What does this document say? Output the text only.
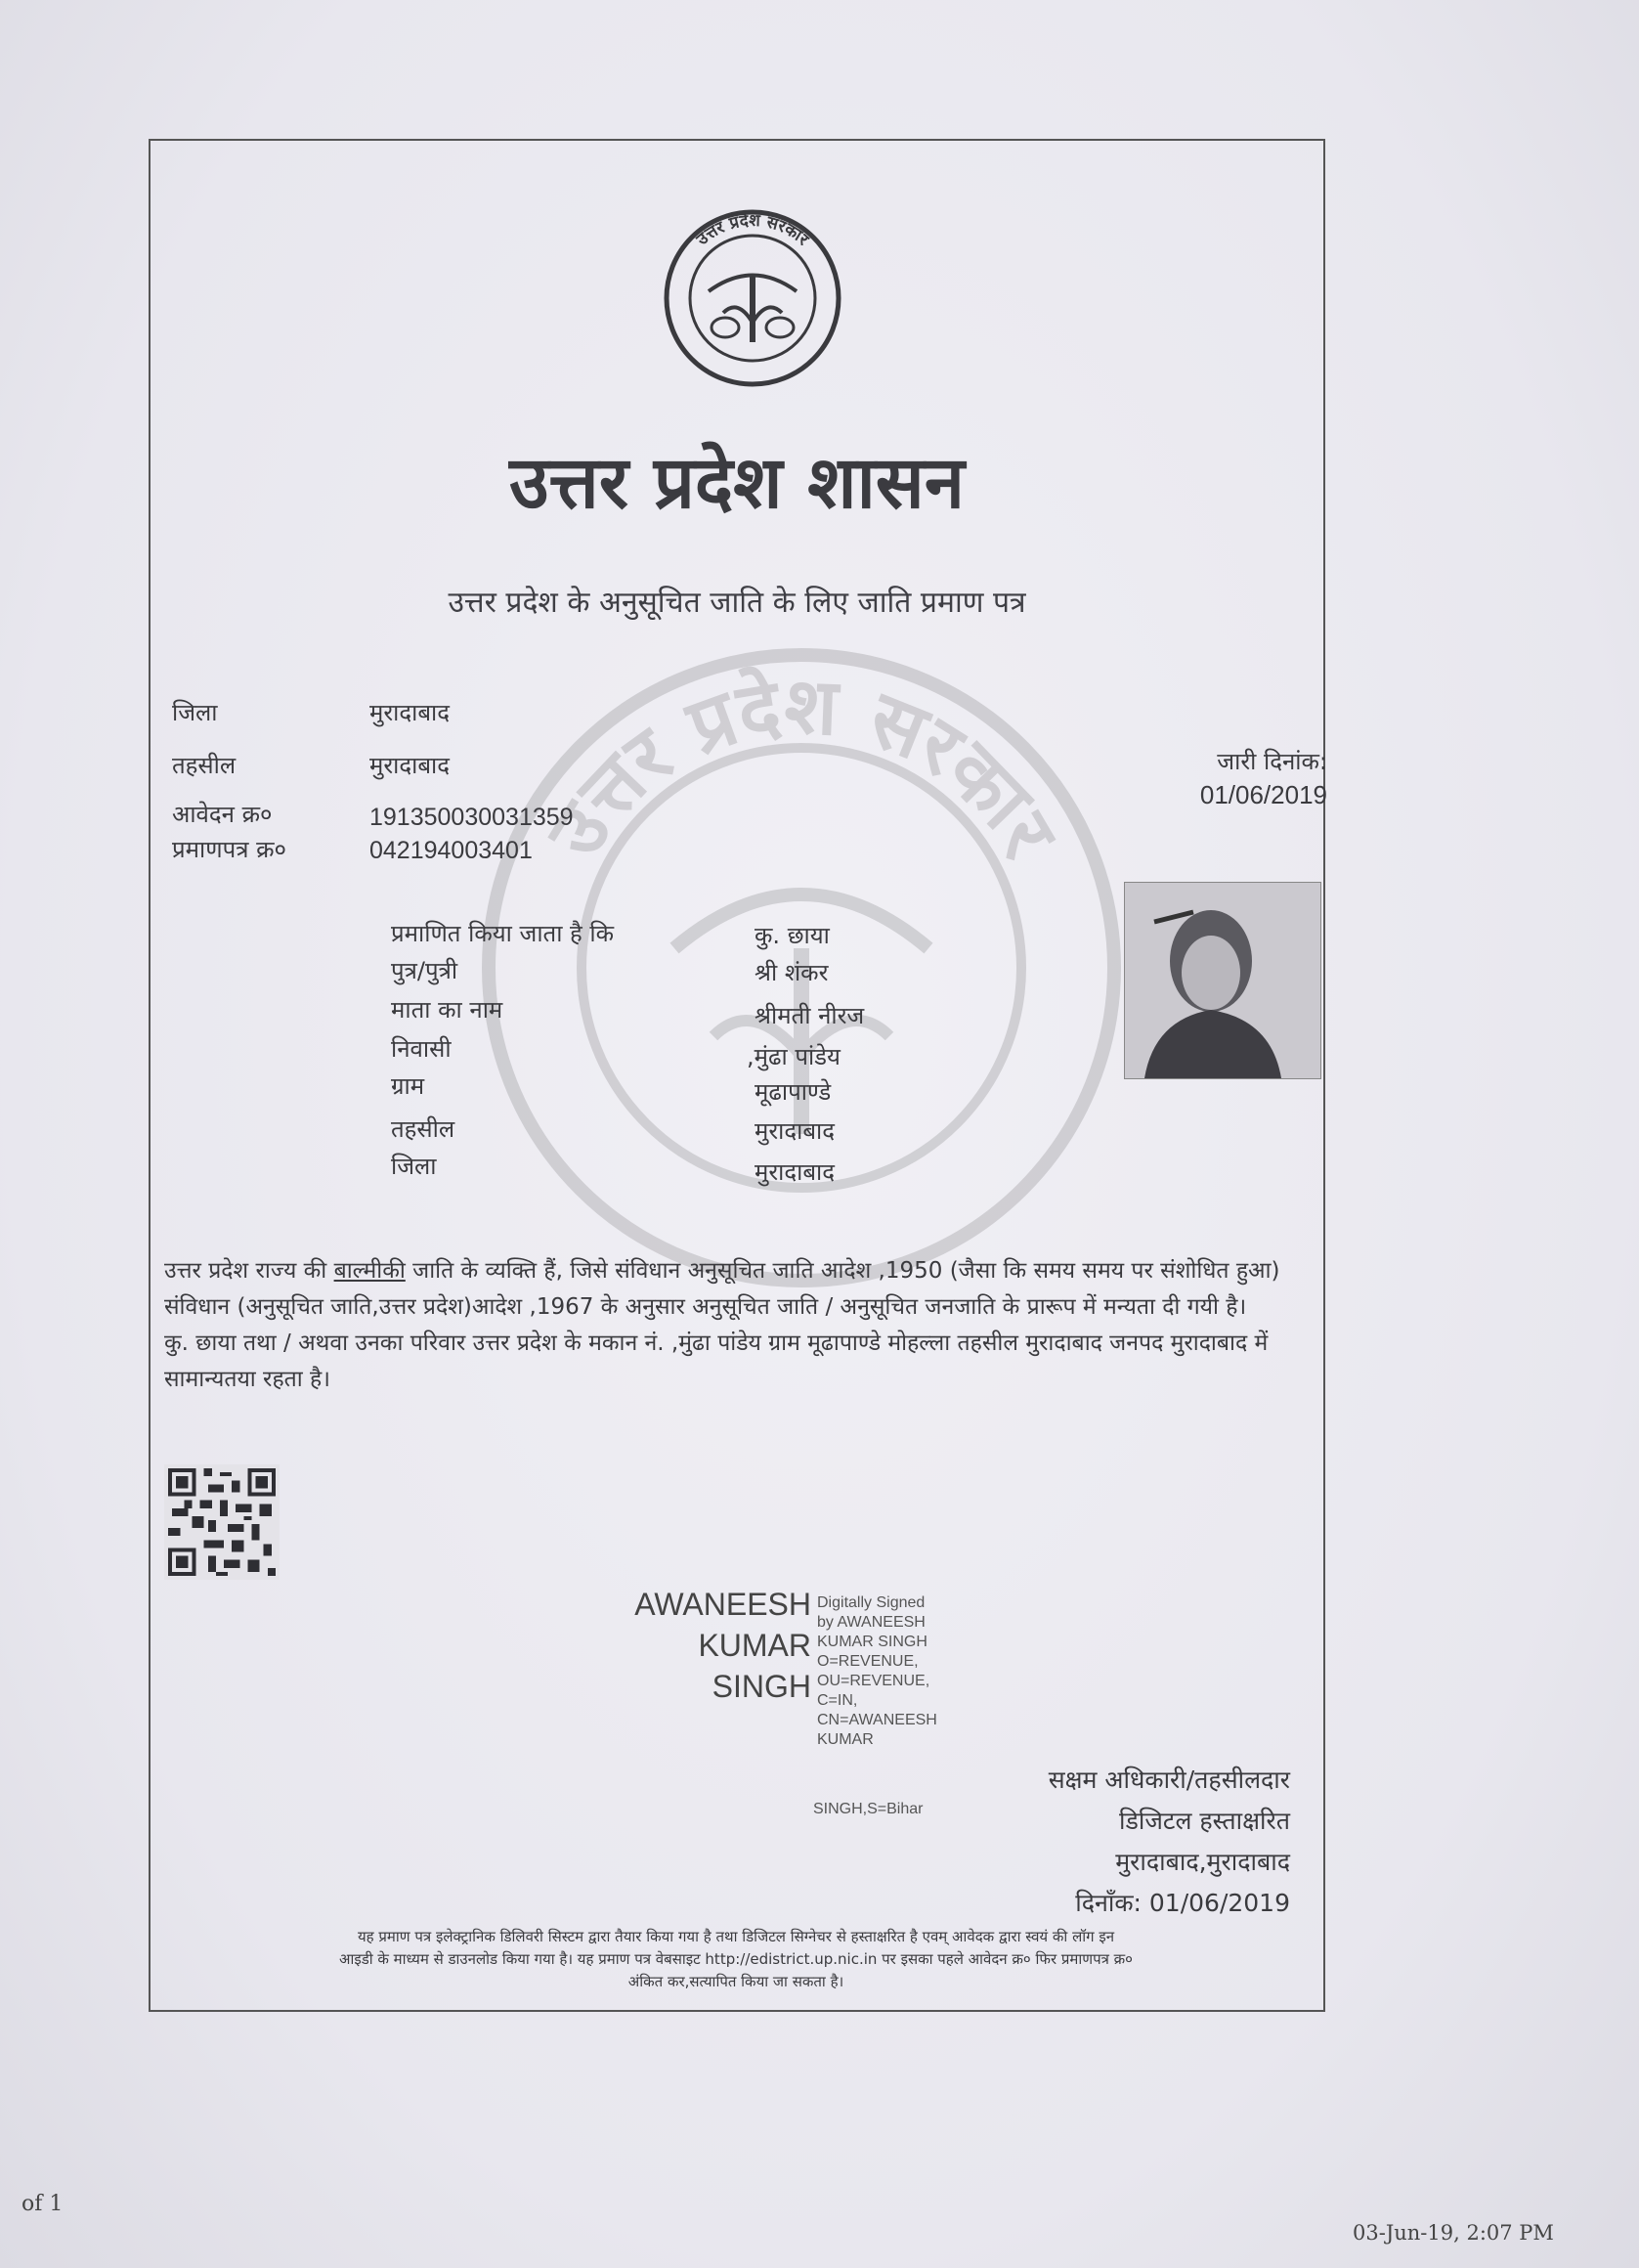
उत्तर प्रदेश सरकार
उत्तर प्रदेश सरकार
उत्तर प्रदेश शासन
उत्तर प्रदेश के अनुसूचित जाति के लिए जाति प्रमाण पत्र
जिला	मुरादाबाद
तहसील	मुरादाबाद
आवेदन क्र०	191350030031359
प्रमाणपत्र क्र०	042194003401
जारी दिनांक:
01/06/2019
प्रमाणित किया जाता है कि	कु. छाया
पुत्र/पुत्री	श्री शंकर
माता का नाम	श्रीमती नीरज
निवासी	,मुंढा पांडेय
ग्राम	मूढापाण्डे
तहसील	मुरादाबाद
जिला	मुरादाबाद
उत्तर प्रदेश राज्य की बाल्मीकी जाति के व्यक्ति हैं, जिसे संविधान अनुसूचित जाति आदेश ,1950 (जैसा कि समय समय पर संशोधित हुआ) संविधान (अनुसूचित जाति,उत्तर प्रदेश)आदेश ,1967 के अनुसार अनुसूचित जाति / अनुसूचित जनजाति के प्रारूप में मन्यता दी गयी है।
कु. छाया तथा / अथवा उनका परिवार उत्तर प्रदेश के मकान नं. ,मुंढा पांडेय ग्राम मूढापाण्डे मोहल्ला तहसील मुरादाबाद जनपद मुरादाबाद में सामान्यतया रहता है।
AWANEESH
KUMAR
SINGH
Digitally Signed
by AWANEESH
KUMAR SINGH
O=REVENUE,
OU=REVENUE,
C=IN,
CN=AWANEESH
KUMAR
SINGH,S=Bihar
सक्षम अधिकारी/तहसीलदार
डिजिटल हस्ताक्षरित
मुरादाबाद,मुरादाबाद
दिनाँक: 01/06/2019
यह प्रमाण पत्र इलेक्ट्रानिक डिलिवरी सिस्टम द्वारा तैयार किया गया है तथा डिजिटल सिग्नेचर से हस्ताक्षरित है एवम् आवेदक द्वारा स्वयं की लॉग इन
आइडी के माध्यम से डाउनलोड किया गया है। यह प्रमाण पत्र वेबसाइट http://edistrict.up.nic.in पर इसका पहले आवेदन क्र० फिर प्रमाणपत्र क्र०
अंकित कर,सत्यापित किया जा सकता है।
of 1
03-Jun-19, 2:07 PM
